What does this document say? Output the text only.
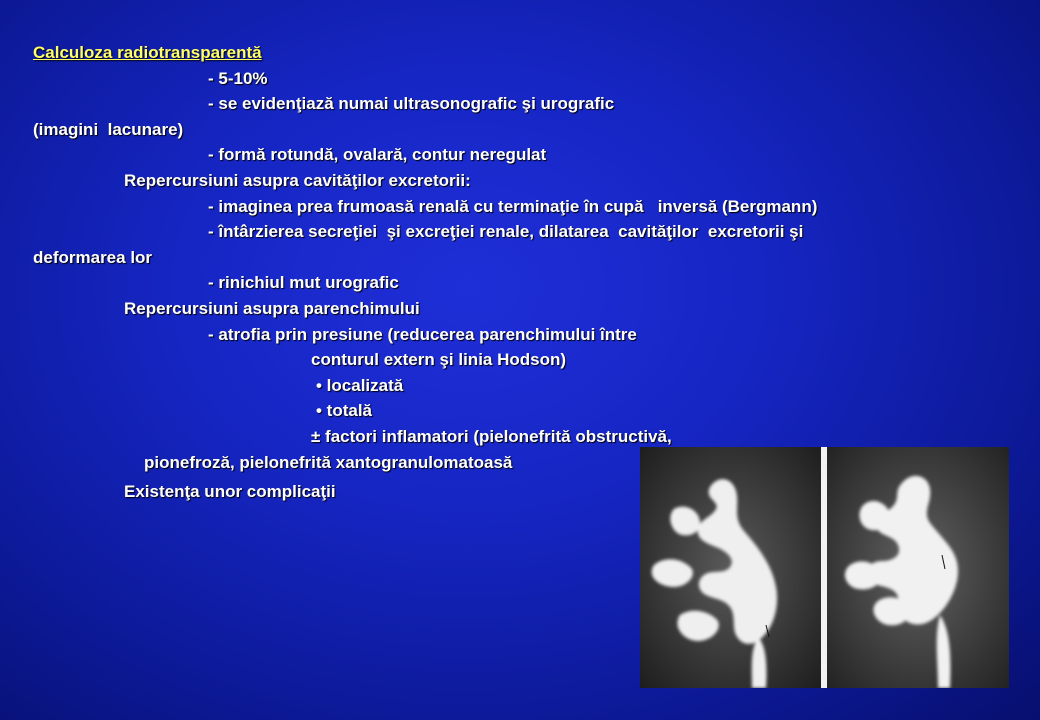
Calculoza radiotransparentă
- 5-10%
- se evidenţiază numai ultrasonografic şi urografic
(imagini  lacunare)
- formă rotundă, ovalară, contur neregulat
Repercursiuni asupra cavităţilor excretorii:
- imaginea prea frumoasă renală cu terminaţie în cupă   inversă (Bergmann)
- întârzierea secreţiei  şi excreţiei renale, dilatarea  cavităţilor  excretorii şi
deformarea lor
- rinichiul mut urografic
Repercursiuni asupra parenchimului
- atrofia prin presiune (reducerea parenchimului între
conturul extern şi linia Hodson)
• localizată
• totală
± factori inflamatori (pielonefrită obstructivă,
pionefroză, pielonefrită xantogranulomatoasă
Existenţa unor complicaţii
